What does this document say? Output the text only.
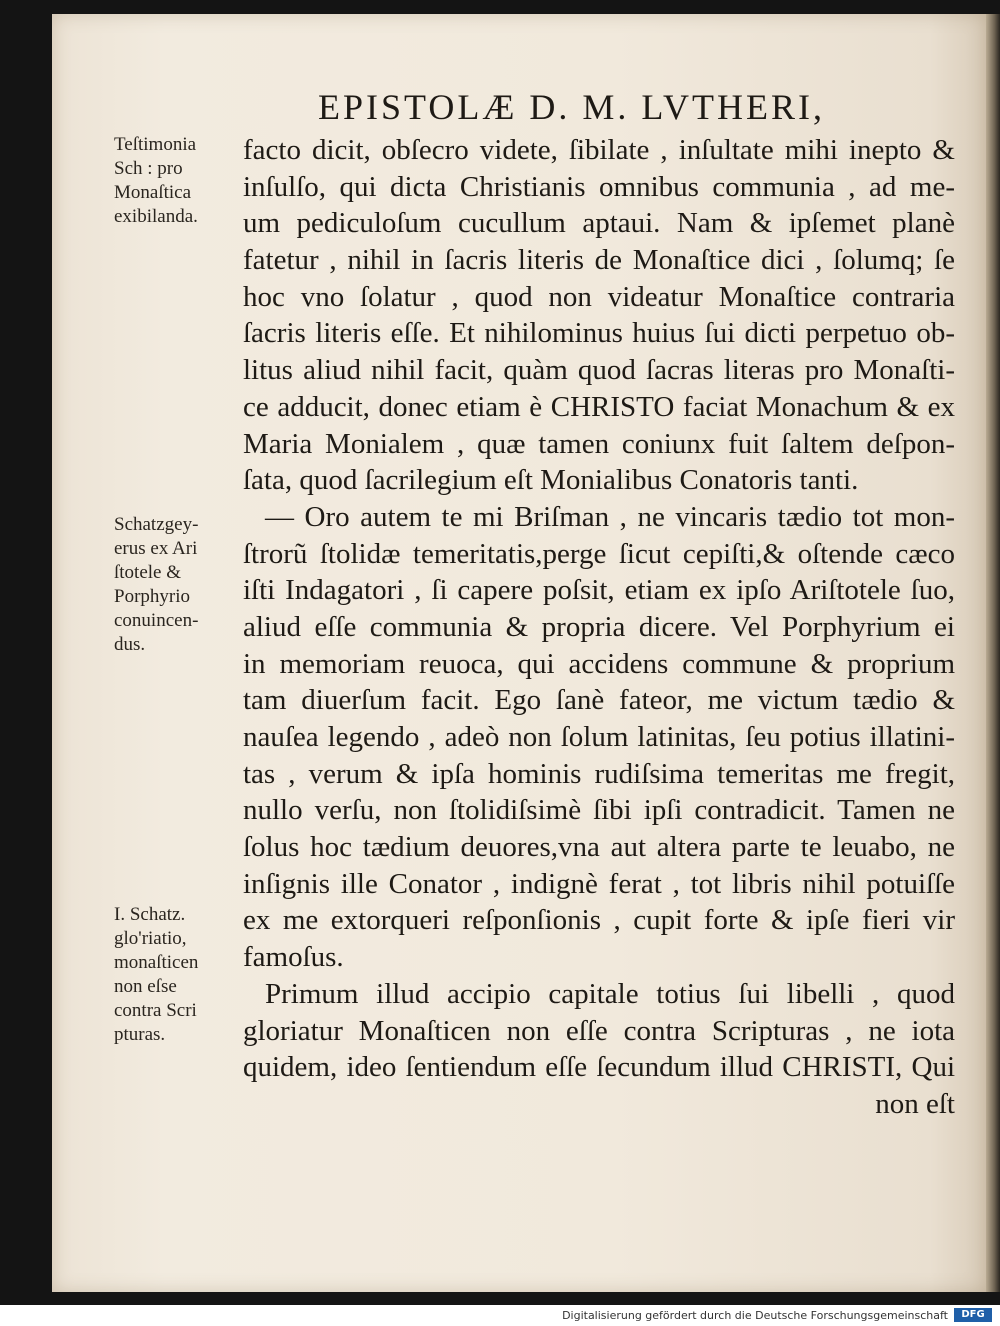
EPISTOLÆ D. M. LVTHERI,
Teſtimonia
Sch : pro
Monaſtica
exibilanda.
Schatzgey-
erus ex Ari
ſtotele &
Porphyrio
conuincen-
dus.
I. Schatz.
glo'riatio,
monaſticen
non eſse
contra Scri
pturas.
facto dicit, obſecro videte, ſibilate , inſultate mihi inepto &
inſulſo, qui dicta Christianis omnibus communia , ad me-
um pediculoſum cucullum aptaui. Nam & ipſemet planè
fatetur , nihil in ſacris literis de Monaſtice dici , ſolumq; ſe
hoc vno ſolatur , quod non videatur Monaſtice contraria
ſacris literis eſſe. Et nihilominus huius ſui dicti perpetuo ob-
litus aliud nihil facit, quàm quod ſacras literas pro Monaſti-
ce adducit, donec etiam è CHRISTO faciat Monachum & ex
Maria Monialem , quæ tamen coniunx fuit ſaltem deſpon-
ſata, quod ſacrilegium eſt Monialibus Conatoris tanti.
— Oro autem te mi Briſman , ne vincaris tædio tot mon-
ſtrorũ ſtolidæ temeritatis,perge ſicut cepiſti,& oſtende cæco
iſti Indagatori , ſi capere poſsit, etiam ex ipſo Ariſtotele ſuo,
aliud eſſe communia & propria dicere. Vel Porphyrium ei
in memoriam reuoca, qui accidens commune & proprium
tam diuerſum facit. Ego ſanè fateor, me victum tædio &
nauſea legendo , adeò non ſolum latinitas, ſeu potius illatini-
tas , verum & ipſa hominis rudiſsima temeritas me fregit,
nullo verſu, non ſtolidiſsimè ſibi ipſi contradicit. Tamen ne
ſolus hoc tædium deuores,vna aut altera parte te leuabo, ne
inſignis ille Conator , indignè ferat , tot libris nihil potuiſſe
ex me extorqueri reſponſionis , cupit forte & ipſe fieri vir
famoſus.
Primum illud accipio capitale totius ſui libelli , quod
gloriatur Monaſticen non eſſe contra Scripturas , ne iota
quidem, ideo ſentiendum eſſe ſecundum illud CHRISTI, Qui
non eſt
Digitalisierung gefördert durch die Deutsche Forschungsgemeinschaft	DFG
